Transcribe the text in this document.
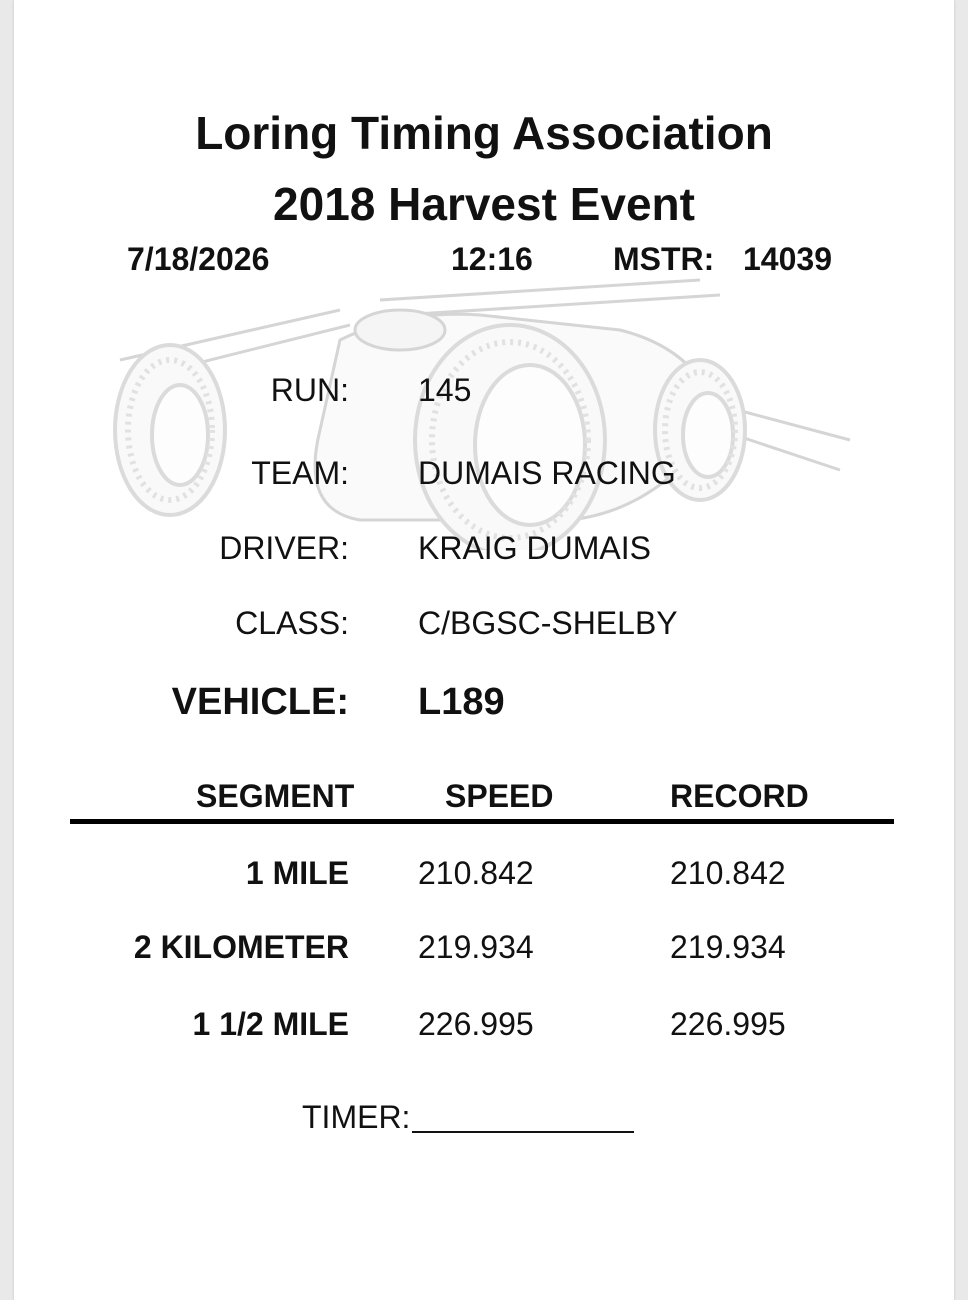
Loring Timing Association
2018 Harvest Event
7/18/2026	12:16	MSTR: 14039
RUN: 145
TEAM: DUMAIS RACING
DRIVER: KRAIG DUMAIS
CLASS: C/BGSC-SHELBY
VEHICLE: L189
SEGMENT	SPEED	RECORD
1 MILE 210.842	210.842
2 KILOMETER 219.934	219.934
1 1/2 MILE 226.995	226.995
TIMER:
